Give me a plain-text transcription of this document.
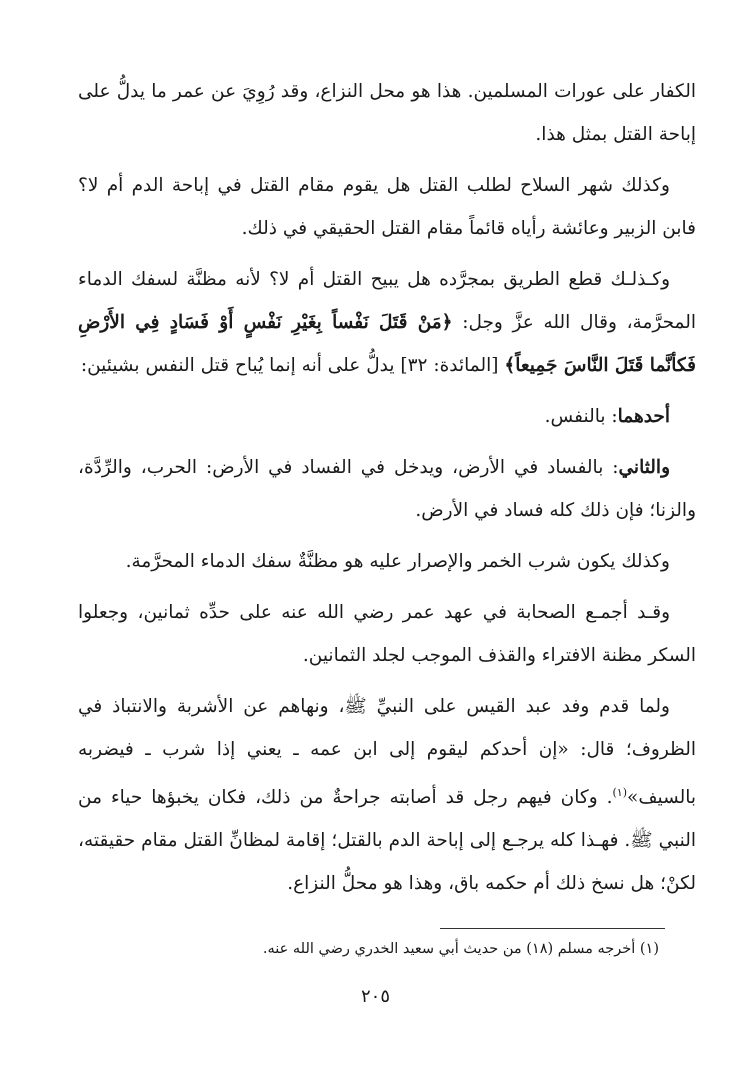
الكفار على عورات المسلمين. هذا هو محل النزاع، وقد رُوِيَ عن عمر ما يدلُّ على إباحة القتل بمثل هذا.

وكذلك شهر السلاح لطلب القتل هل يقوم مقام القتل في إباحة الدم أم لا؟ فابن الزبير وعائشة رأياه قائماً مقام القتل الحقيقي في ذلك.

وكـذلـك قطع الطريق بمجرَّده هل يبيح القتل أم لا؟ لأنه مظنَّة لسفك الدماء المحرَّمة، وقال الله عزَّ وجل: ﴿مَنْ قَتَلَ نَفْساً بِغَيْرِ نَفْسٍ أَوْ فَسَادٍ فِي الأَرْضِ فَكأنَّما قَتَلَ النَّاسَ جَمِيعاً﴾ [المائدة: ٣٢] يدلُّ على أنه إنما يُباح قتل النفس بشيئين:

أحدهما: بالنفس.

والثاني: بالفساد في الأرض، ويدخل في الفساد في الأرض: الحرب، والرِّدَّة، والزنا؛ فإن ذلك كله فساد في الأرض.

وكذلك يكون شرب الخمر والإصرار عليه هو مظنَّةٌ سفك الدماء المحرَّمة.

وقـد أجمـع الصحابة في عهد عمر رضي الله عنه على حدِّه ثمانين، وجعلوا السكر مظنة الافتراء والقذف الموجب لجلد الثمانين.

ولما قدم وفد عبد القيس على النبيِّ ﷺ، ونهاهم عن الأشربة والانتباذ في الظروف؛ قال: «إن أحدكم ليقوم إلى ابن عمه ـ يعني إذا شرب ـ فيضربه بالسيف»$^{(١)}$. وكان فيهم رجل قد أصابته جراحةٌ من ذلك، فكان يخبؤها حياء من النبي ﷺ. فهـذا كله يرجـع إلى إباحة الدم بالقتل؛ إقامة لمظانِّ القتل مقام حقيقته، لكنْ؛ هل نسخ ذلك أم حكمه باق، وهذا هو محلُّ النزاع.

(١) أخرجه مسلم (١٨) من حديث أبي سعيد الخدري رضي الله عنه.
٢٠٥
